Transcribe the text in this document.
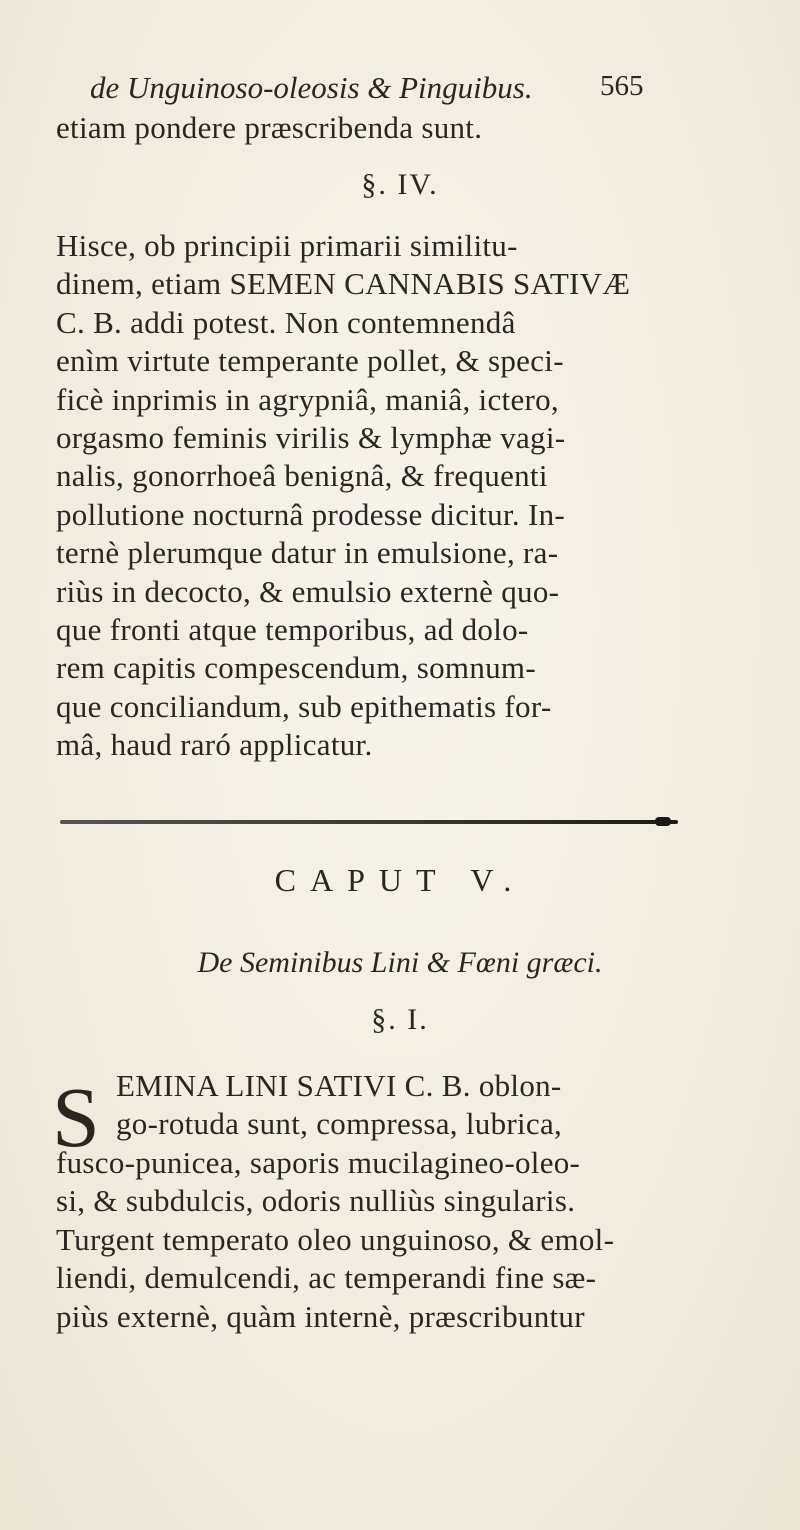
de Unguinoso-oleosis & Pinguibus. 565
etiam pondere præscribenda sunt.
§. IV.
Hisce, ob principii primarii similitu-
dinem, etiam SEMEN CANNABIS SATIVÆ
C. B. addi potest. Non contemnendâ
enìm virtute temperante pollet, & speci-
ficè inprimis in agrypniâ, maniâ, ictero,
orgasmo feminis virilis & lymphæ vagi-
nalis, gonorrhoeâ benignâ, & frequenti
pollutione nocturnâ prodesse dicitur. In-
ternè plerumque datur in emulsione, ra-
riùs in decocto, & emulsio externè quo-
que fronti atque temporibus, ad dolo-
rem capitis compescendum, somnum-
que conciliandum, sub epithematis for-
mâ, haud raró applicatur.
CAPUT V.
De Seminibus Lini & Fœni græci.
§. I.
S EMINA LINI SATIVI C. B. oblon-
go-rotuda sunt, compressa, lubrica,
fusco-punicea, saporis mucilagineo-oleo-
si, & subdulcis, odoris nulliùs singularis.
Turgent temperato oleo unguinoso, & emol-
liendi, demulcendi, ac temperandi fine sæ-
piùs externè, quàm internè, præscribuntur
